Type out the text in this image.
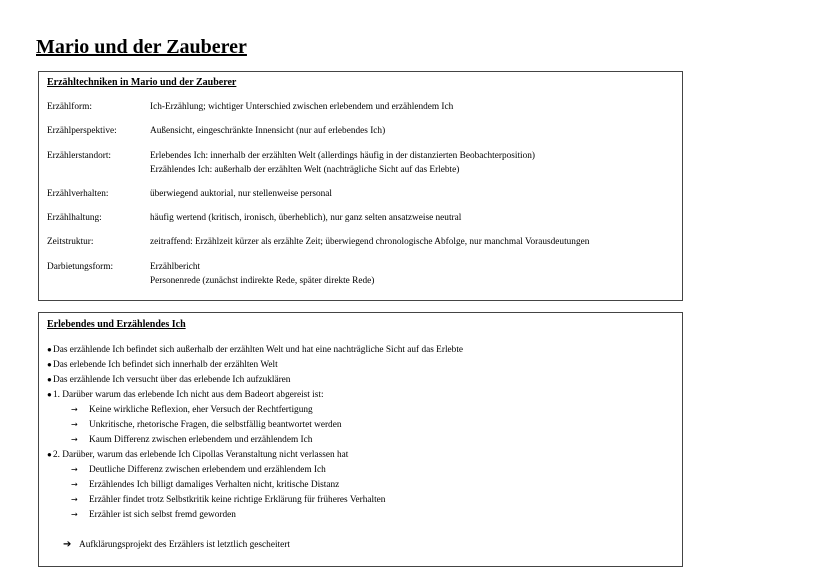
Mario und der Zauberer
Erzähltechniken in Mario und der Zauberer
Erzählform:	Ich-Erzählung; wichtiger Unterschied zwischen erlebendem und erzählendem Ich
Erzählperspektive:	Außensicht, eingeschränkte Innensicht (nur auf erlebendes Ich)
Erzählerstandort:	Erlebendes Ich: innerhalb der erzählten Welt (allerdings häufig in der distanzierten Beobachterposition)
Erzählendes Ich: außerhalb der erzählten Welt (nachträgliche Sicht auf das Erlebte)
Erzählverhalten:	überwiegend auktorial, nur stellenweise personal
Erzählhaltung:	häufig wertend (kritisch, ironisch, überheblich), nur ganz selten ansatzweise neutral
Zeitstruktur:	zeitraffend: Erzählzeit kürzer als erzählte Zeit; überwiegend chronologische Abfolge, nur manchmal Vorausdeutungen
Darbietungsform:	Erzählbericht
Personenrede (zunächst indirekte Rede, später direkte Rede)
Erlebendes und Erzählendes Ich
●Das erzählende Ich befindet sich außerhalb der erzählten Welt und hat eine nachträgliche Sicht auf das Erlebte
●Das erlebende Ich befindet sich innerhalb der erzählten Welt
●Das erzählende Ich versucht über das erlebende Ich aufzuklären
●1. Darüber warum das erlebende Ich nicht aus dem Badeort abgereist ist:
→ Keine wirkliche Reflexion, eher Versuch der Rechtfertigung
→ Unkritische, rhetorische Fragen, die selbstfällig beantwortet werden
→ Kaum Differenz zwischen erlebendem und erzählendem Ich
●2. Darüber, warum das erlebende Ich Cipollas Veranstaltung nicht verlassen hat
→ Deutliche Differenz zwischen erlebendem und erzählendem Ich
→ Erzählendes Ich billigt damaliges Verhalten nicht, kritische Distanz
→ Erzähler findet trotz Selbstkritik keine richtige Erklärung für früheres Verhalten
→ Erzähler ist sich selbst fremd geworden
➔ Aufklärungsprojekt des Erzählers ist letztlich gescheitert
